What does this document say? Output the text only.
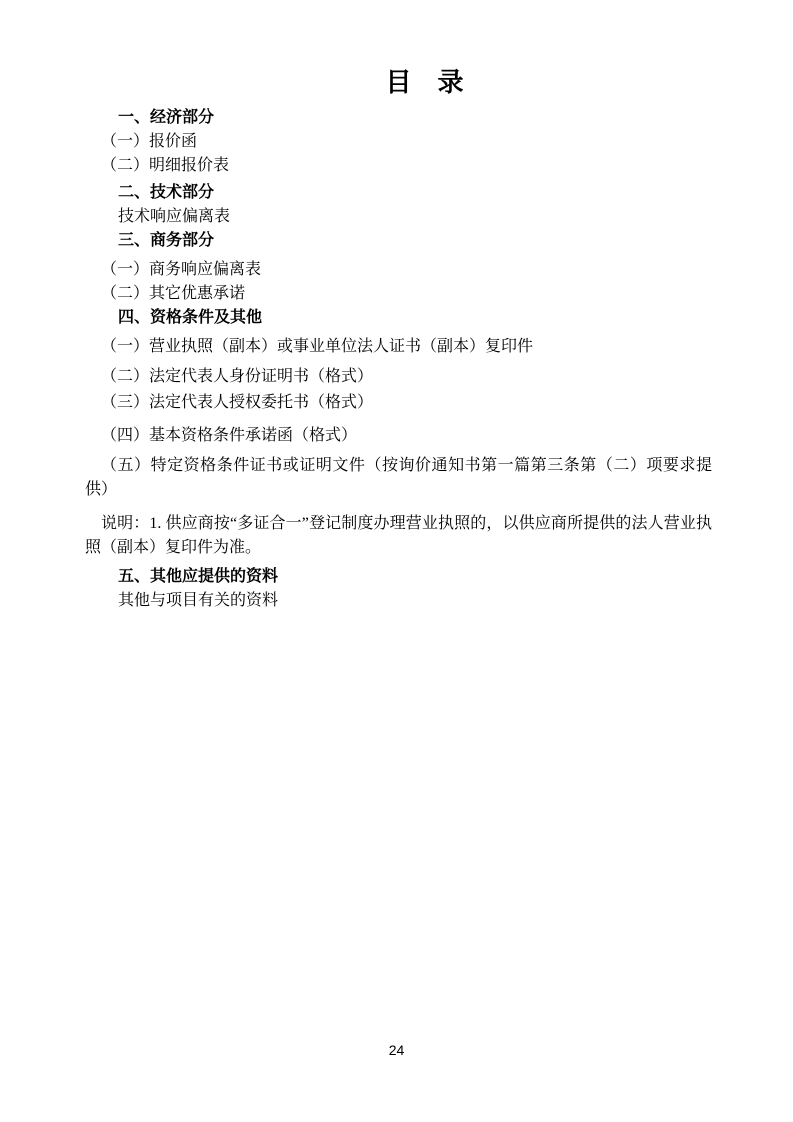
目　录
一、经济部分
（一）报价函
（二）明细报价表
二、技术部分
技术响应偏离表
三、商务部分
（一）商务响应偏离表
（二）其它优惠承诺
四、资格条件及其他
（一）营业执照（副本）或事业单位法人证书（副本）复印件
（二）法定代表人身份证明书（格式）
（三）法定代表人授权委托书（格式）
（四）基本资格条件承诺函（格式）
（五）特定资格条件证书或证明文件（按询价通知书第一篇第三条第（二）项要求提供）
说明：1. 供应商按“多证合一”登记制度办理营业执照的，以供应商所提供的法人营业执照（副本）复印件为准。
五、其他应提供的资料
其他与项目有关的资料
24
